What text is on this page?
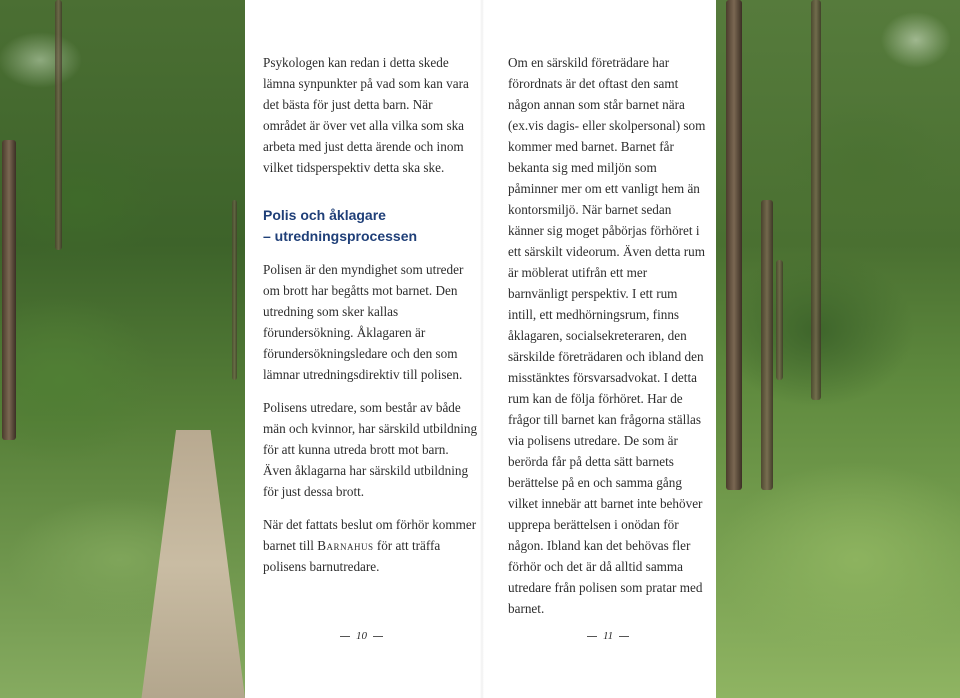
Psykologen kan redan i detta skede lämna synpunkter på vad som kan vara det bästa för just detta barn. När området är över vet alla vilka som ska arbeta med just detta ärende och inom vilket tidsperspektiv detta ska ske.

Polis och åklagare
– utredningsprocessen

Polisen är den myndighet som utreder om brott har begåtts mot barnet. Den utredning som sker kallas förundersökning. Åklagaren är förundersökningsledare och den som lämnar utredningsdirektiv till polisen.

Polisens utredare, som består av både män och kvinnor, har särskild utbildning för att kunna utreda brott mot barn. Även åklagarna har särskild utbildning för just dessa brott.

När det fattats beslut om förhör kommer barnet till Barnahus för att träffa polisens barnutredare.

Om en särskild företrädare har förordnats är det oftast den samt någon annan som står barnet nära (ex.vis dagis- eller skolpersonal) som kommer med barnet. Barnet får bekanta sig med miljön som påminner mer om ett vanligt hem än kontorsmiljö. När barnet sedan känner sig moget påbörjas förhöret i ett särskilt videorum. Även detta rum är möblerat utifrån ett mer barnvänligt perspektiv. I ett rum intill, ett medhörningsrum, finns åklagaren, socialsekreteraren, den särskilde företrädaren och ibland den misstänktes försvarsadvokat. I detta rum kan de följa förhöret. Har de frågor till barnet kan frågorna ställas via polisens utredare. De som är berörda får på detta sätt barnets berättelse på en och samma gång vilket innebär att barnet inte behöver upprepa berättelsen i onödan för någon. Ibland kan det behövas fler förhör och det är då alltid samma utredare från polisen som pratar med barnet.

10	11
